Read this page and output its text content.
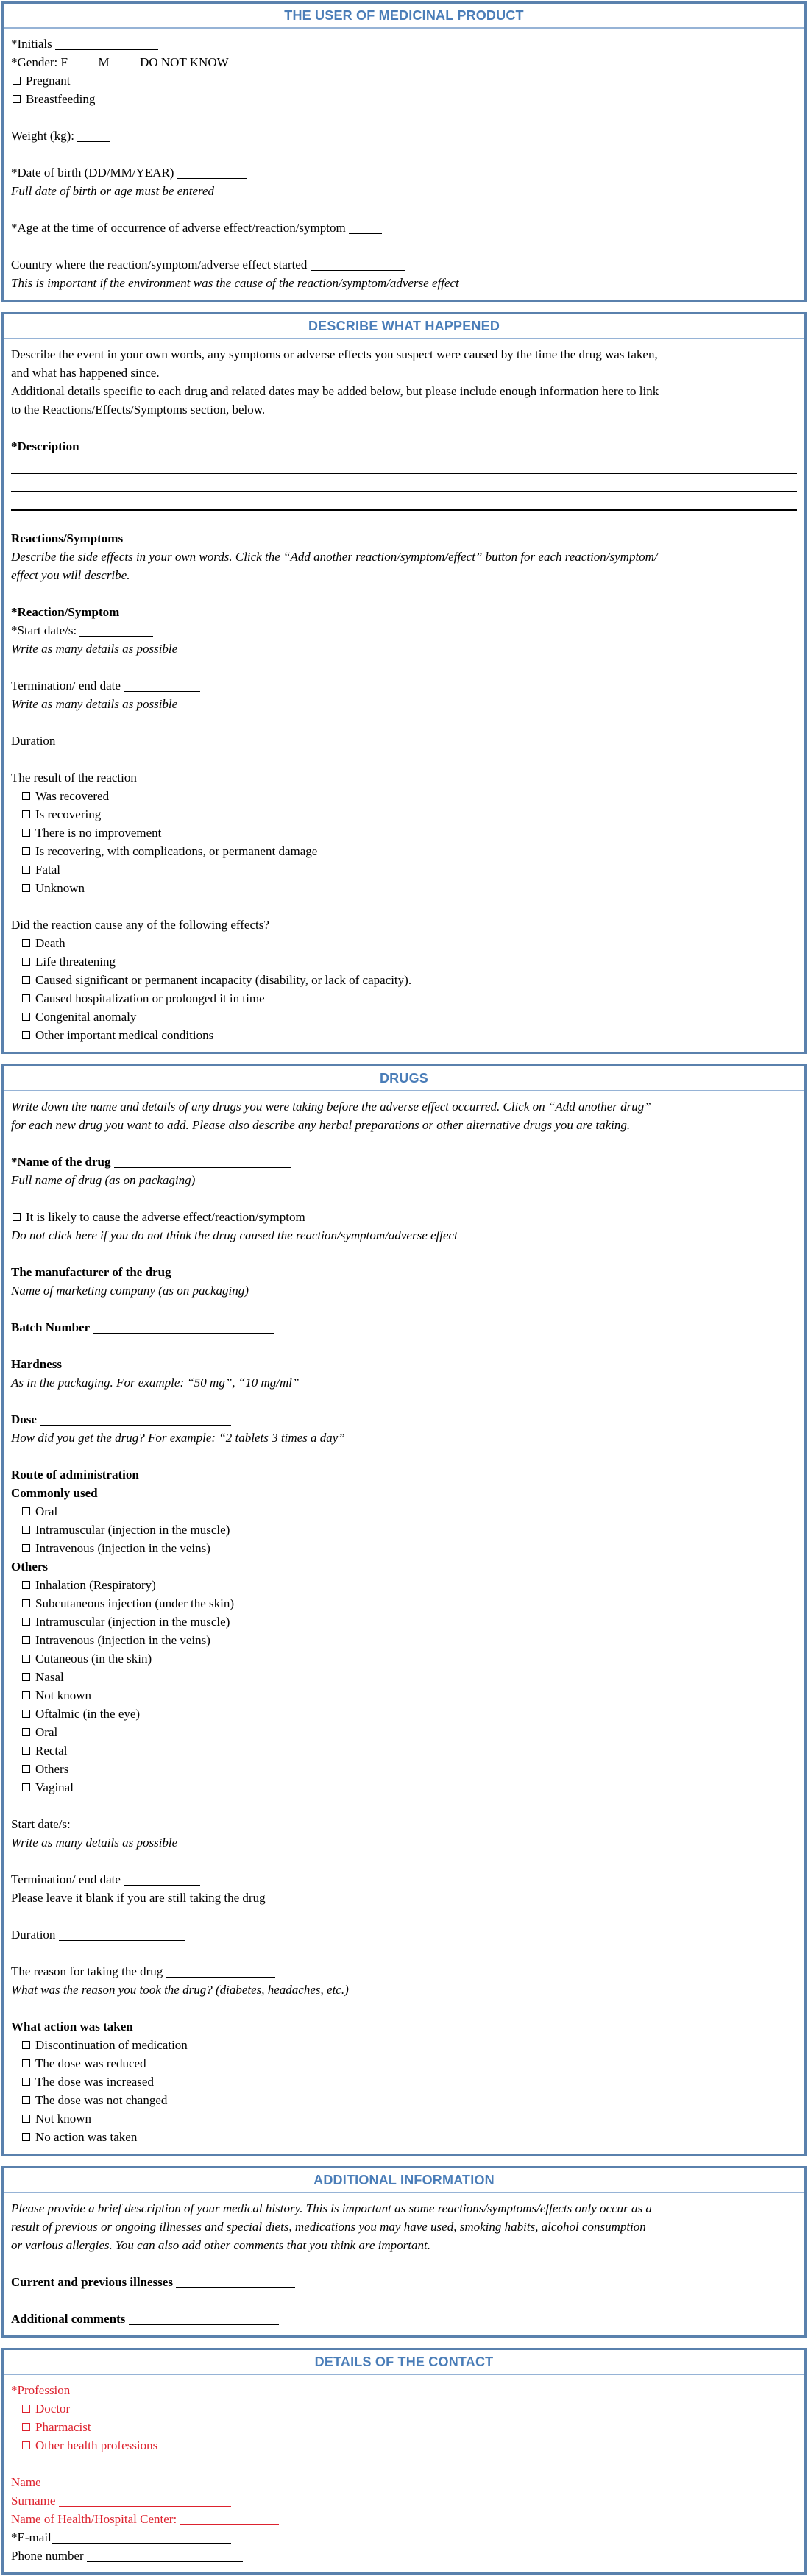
THE USER OF MEDICINAL PRODUCT
*Initials
*Gender: F  M  DO NOT KNOW
Pregnant
Breastfeeding

Weight (kg):

*Date of birth (DD/MM/YEAR)
Full date of birth or age must be entered

*Age at the time of occurrence of adverse effect/reaction/symptom

Country where the reaction/symptom/adverse effect started
This is important if the environment was the cause of the reaction/symptom/adverse effect
DESCRIBE WHAT HAPPENED
Describe the event in your own words, any symptoms or adverse effects you suspect were caused by the time the drug was taken,
and what has happened since.
Additional details specific to each drug and related dates may be added below, but please include enough information here to link
to the Reactions/Effects/Symptoms section, below.

*Description

Reactions/Symptoms
Describe the side effects in your own words. Click the “Add another reaction/symptom/effect” button for each reaction/symptom/
effect you will describe.

*Reaction/Symptom
*Start date/s:
Write as many details as possible

Termination/ end date
Write as many details as possible

Duration

The result of the reaction
Was recovered
Is recovering
There is no improvement
Is recovering, with complications, or permanent damage
Fatal
Unknown

Did the reaction cause any of the following effects?
Death
Life threatening
Caused significant or permanent incapacity (disability, or lack of capacity).
Caused hospitalization or prolonged it in time
Congenital anomaly
Other important medical conditions
DRUGS
Write down the name and details of any drugs you were taking before the adverse effect occurred. Click on “Add another drug”
for each new drug you want to add. Please also describe any herbal preparations or other alternative drugs you are taking.

*Name of the drug
Full name of drug (as on packaging)

It is likely to cause the adverse effect/reaction/symptom
Do not click here if you do not think the drug caused the reaction/symptom/adverse effect

The manufacturer of the drug
Name of marketing company (as on packaging)

Batch Number

Hardness
As in the packaging. For example: “50 mg”, “10 mg/ml”

Dose
How did you get the drug? For example: “2 tablets 3 times a day”

Route of administration
Commonly used
Oral
Intramuscular (injection in the muscle)
Intravenous (injection in the veins)
Others
Inhalation (Respiratory)
Subcutaneous injection (under the skin)
Intramuscular (injection in the muscle)
Intravenous (injection in the veins)
Cutaneous (in the skin)
Nasal
Not known
Oftalmic (in the eye)
Oral
Rectal
Others
Vaginal

Start date/s:
Write as many details as possible

Termination/ end date
Please leave it blank if you are still taking the drug

Duration

The reason for taking the drug
What was the reason you took the drug? (diabetes, headaches, etc.)

What action was taken
Discontinuation of medication
The dose was reduced
The dose was increased
The dose was not changed
Not known
No action was taken
ADDITIONAL INFORMATION
Please provide a brief description of your medical history. This is important as some reactions/symptoms/effects only occur as a
result of previous or ongoing illnesses and special diets, medications you may have used, smoking habits, alcohol consumption
or various allergies. You can also add other comments that you think are important.

Current and previous illnesses

Additional comments
DETAILS OF THE CONTACT
*Profession
Doctor
Pharmacist
Other health professions

Name
Surname
Name of Health/Hospital Center:
*E-mail
Phone number
